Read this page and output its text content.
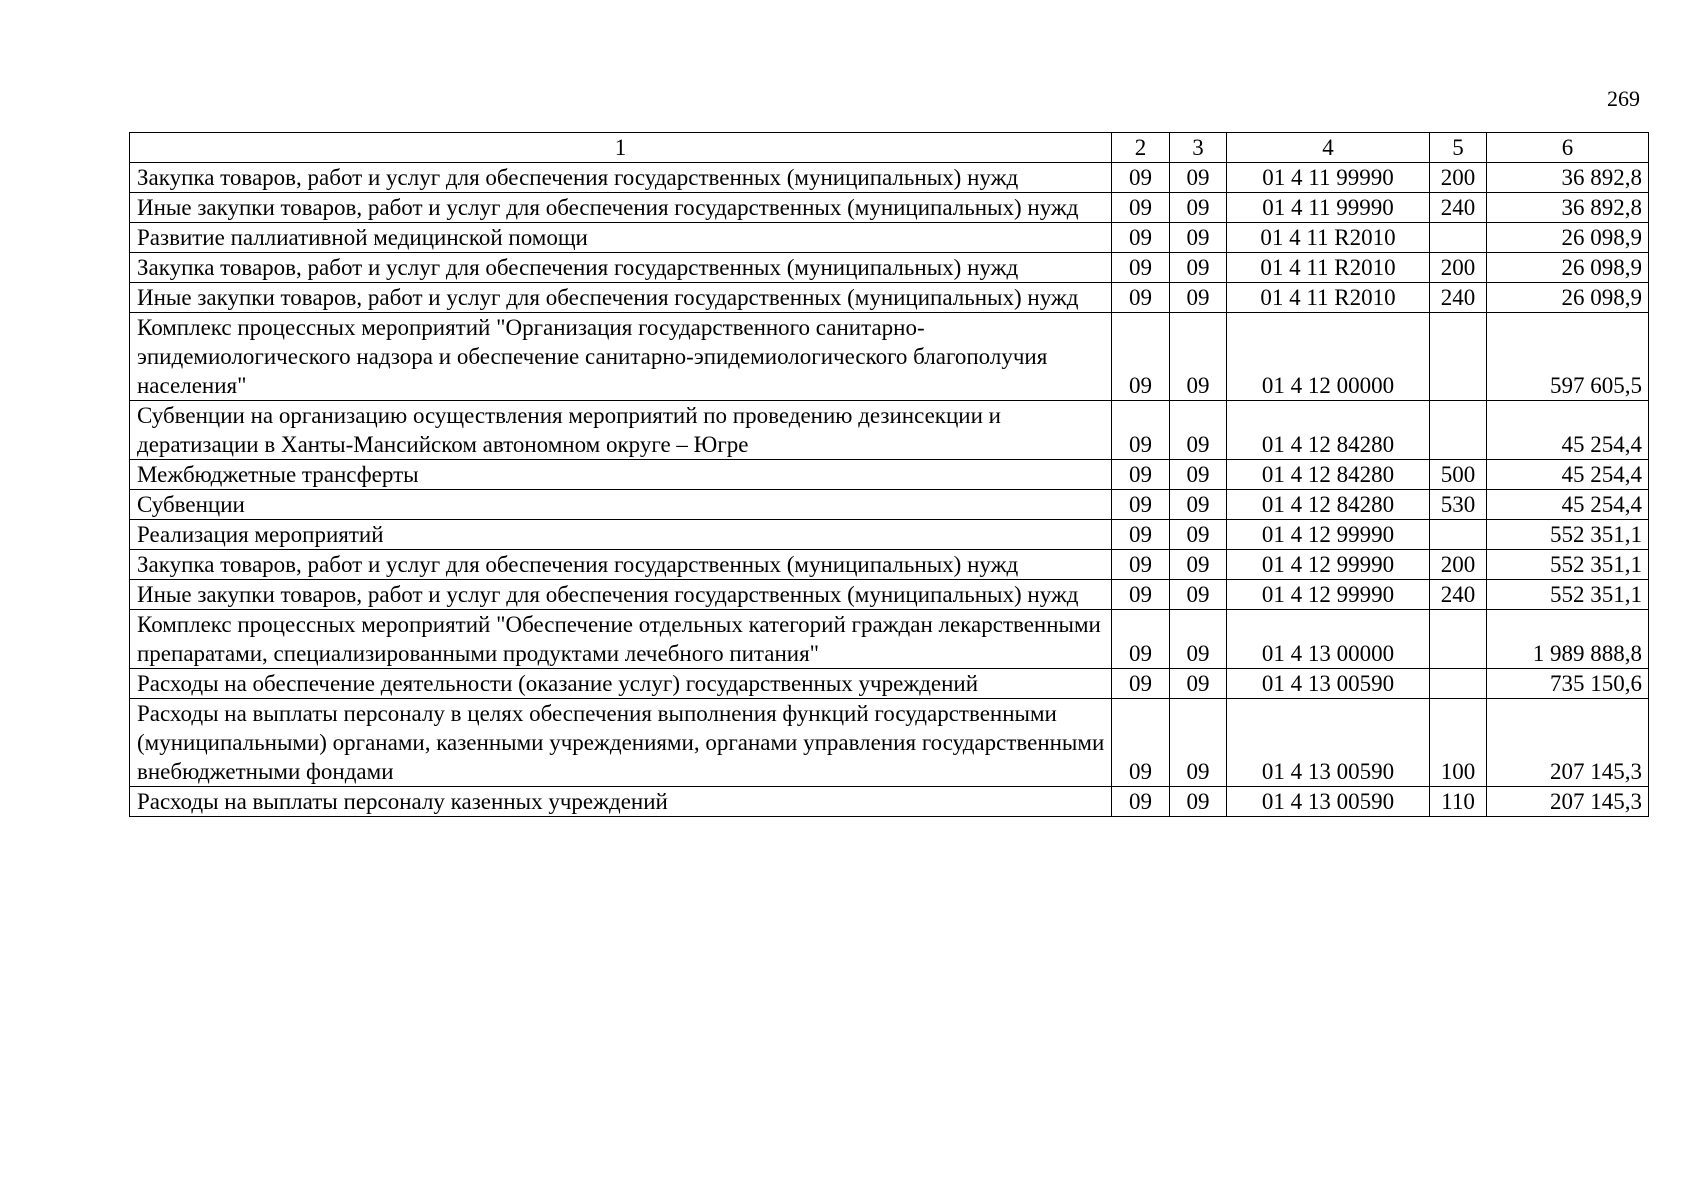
269
1	2	3	4	5	6
Закупка товаров, работ и услуг для обеспечения государственных (муниципальных) нужд	09	09	01 4 11 99990	200	36 892,8
Иные закупки товаров, работ и услуг для обеспечения государственных (муниципальных) нужд	09	09	01 4 11 99990	240	36 892,8
Развитие паллиативной медицинской помощи	09	09	01 4 11 R2010		26 098,9
Закупка товаров, работ и услуг для обеспечения государственных (муниципальных) нужд	09	09	01 4 11 R2010	200	26 098,9
Иные закупки товаров, работ и услуг для обеспечения государственных (муниципальных) нужд	09	09	01 4 11 R2010	240	26 098,9
Комплекс процессных мероприятий "Организация государственного санитарно-эпидемиологического надзора и обеспечение санитарно-эпидемиологического благополучия населения"	09	09	01 4 12 00000		597 605,5
Субвенции на организацию осуществления мероприятий по проведению дезинсекции и дератизации в Ханты-Мансийском автономном округе – Югре	09	09	01 4 12 84280		45 254,4
Межбюджетные трансферты	09	09	01 4 12 84280	500	45 254,4
Субвенции	09	09	01 4 12 84280	530	45 254,4
Реализация мероприятий	09	09	01 4 12 99990		552 351,1
Закупка товаров, работ и услуг для обеспечения государственных (муниципальных) нужд	09	09	01 4 12 99990	200	552 351,1
Иные закупки товаров, работ и услуг для обеспечения государственных (муниципальных) нужд	09	09	01 4 12 99990	240	552 351,1
Комплекс процессных мероприятий "Обеспечение отдельных категорий граждан лекарственными препаратами, специализированными продуктами лечебного питания"	09	09	01 4 13 00000		1 989 888,8
Расходы на обеспечение деятельности (оказание услуг) государственных учреждений	09	09	01 4 13 00590		735 150,6
Расходы на выплаты персоналу в целях обеспечения выполнения функций государственными (муниципальными) органами, казенными учреждениями, органами управления государственными внебюджетными фондами	09	09	01 4 13 00590	100	207 145,3
Расходы на выплаты персоналу казенных учреждений	09	09	01 4 13 00590	110	207 145,3
